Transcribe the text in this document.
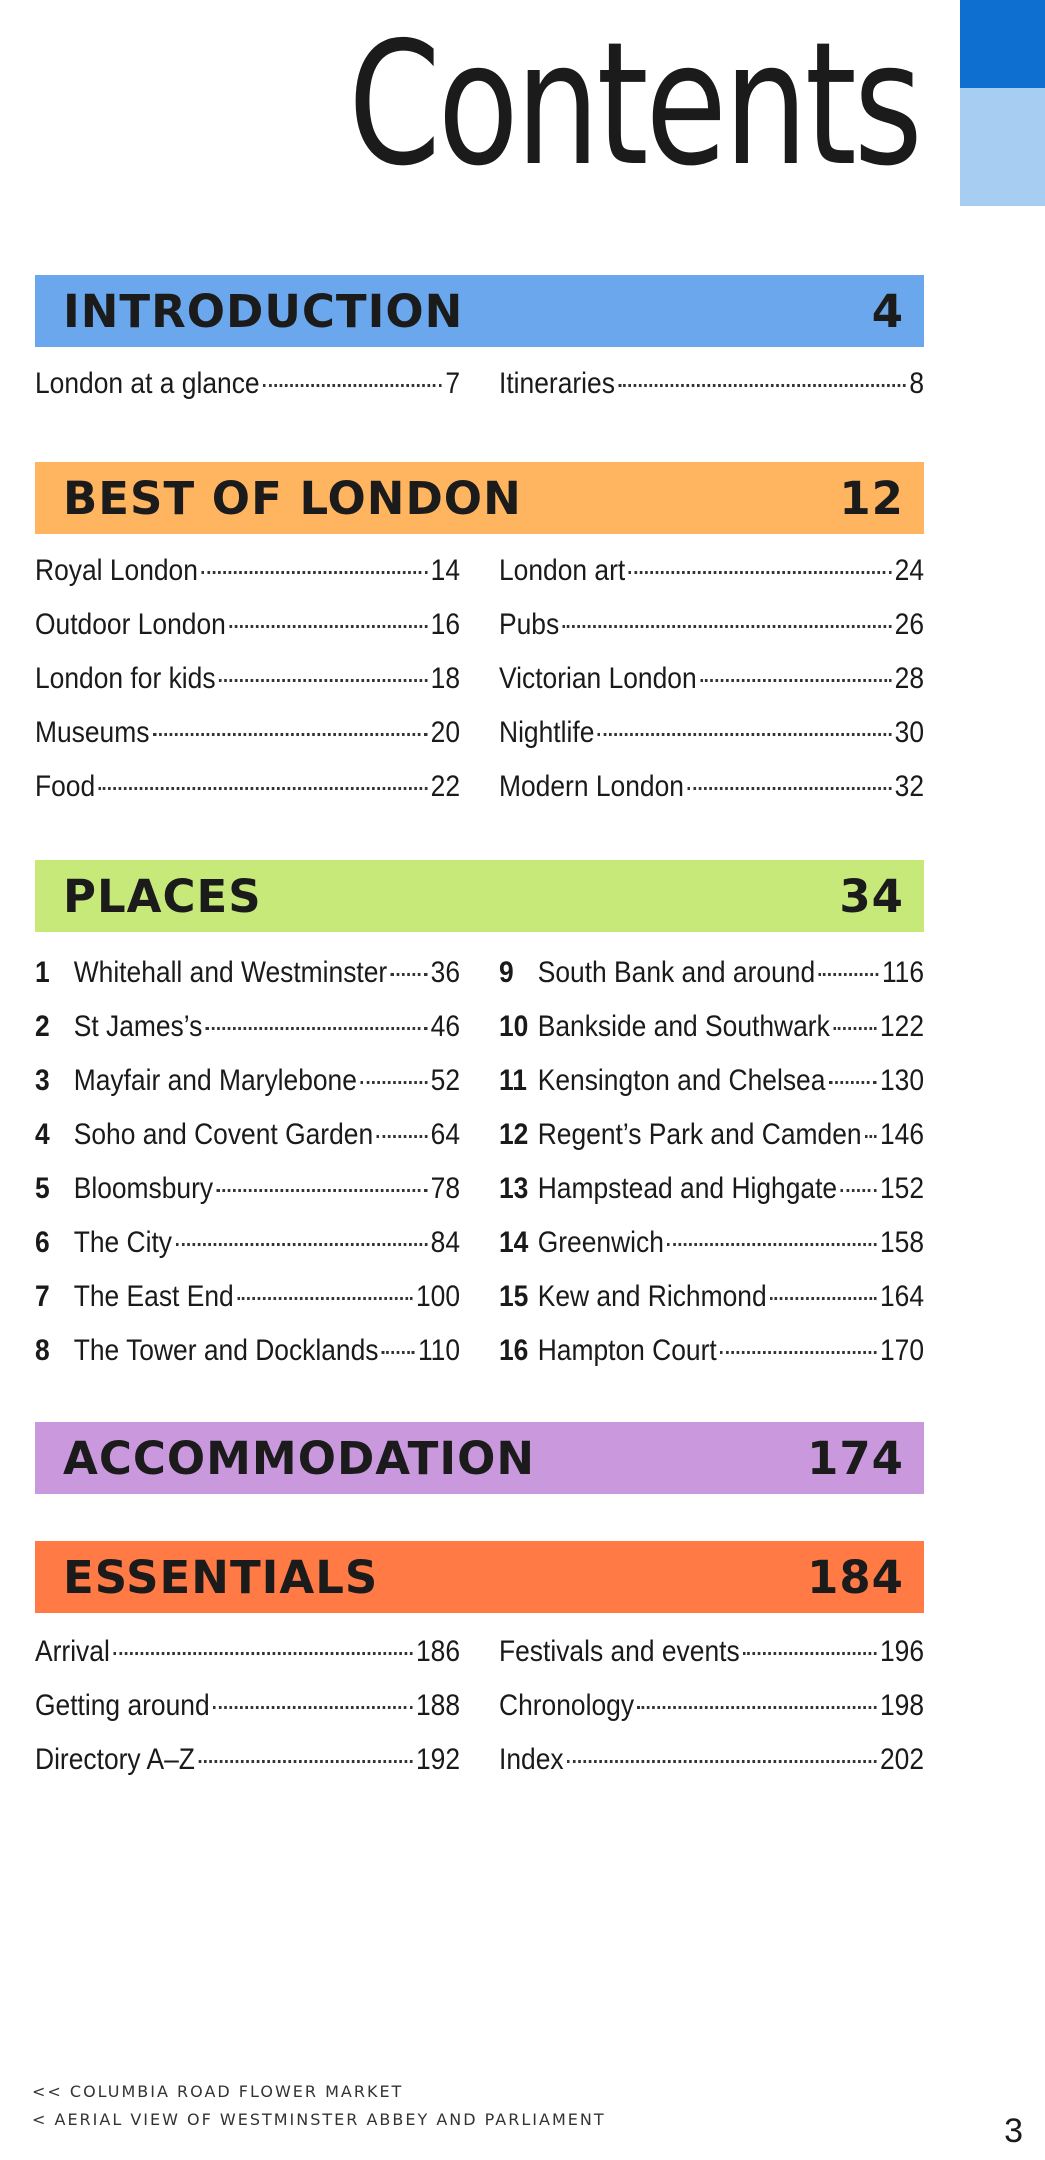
Contents
INTRODUCTION	4
London at a glance	7 Itineraries	8
BEST OF LONDON	12
Royal London	14
Outdoor London	16
London for kids	18
Museums	20
Food	22
London art	24
Pubs	26
Victorian London	28
Nightlife	30
Modern London	32
PLACES	34
1 Whitehall and Westminster 36
2 St James’s	46
3 Mayfair and Marylebone 52
4 Soho and Covent Garden 64
5 Bloomsbury	78
6 The City	84
7 The East End	100
8 The Tower and Docklands 110
9 South Bank and around 116
10 Bankside and Southwark 122
11 Kensington and Chelsea 130
12 Regent’s Park and Camden 146
13 Hampstead and Highgate 152
14 Greenwich	158
15 Kew and Richmond	164
16 Hampton Court	170
ACCOMMODATION	174
ESSENTIALS	184
Arrival	186
Getting around	188
Directory A–Z	192
Festivals and events	196
Chronology	198
Index	202
<< COLUMBIA ROAD FLOWER MARKET
< AERIAL VIEW OF WESTMINSTER ABBEY AND PARLIAMENT	3
